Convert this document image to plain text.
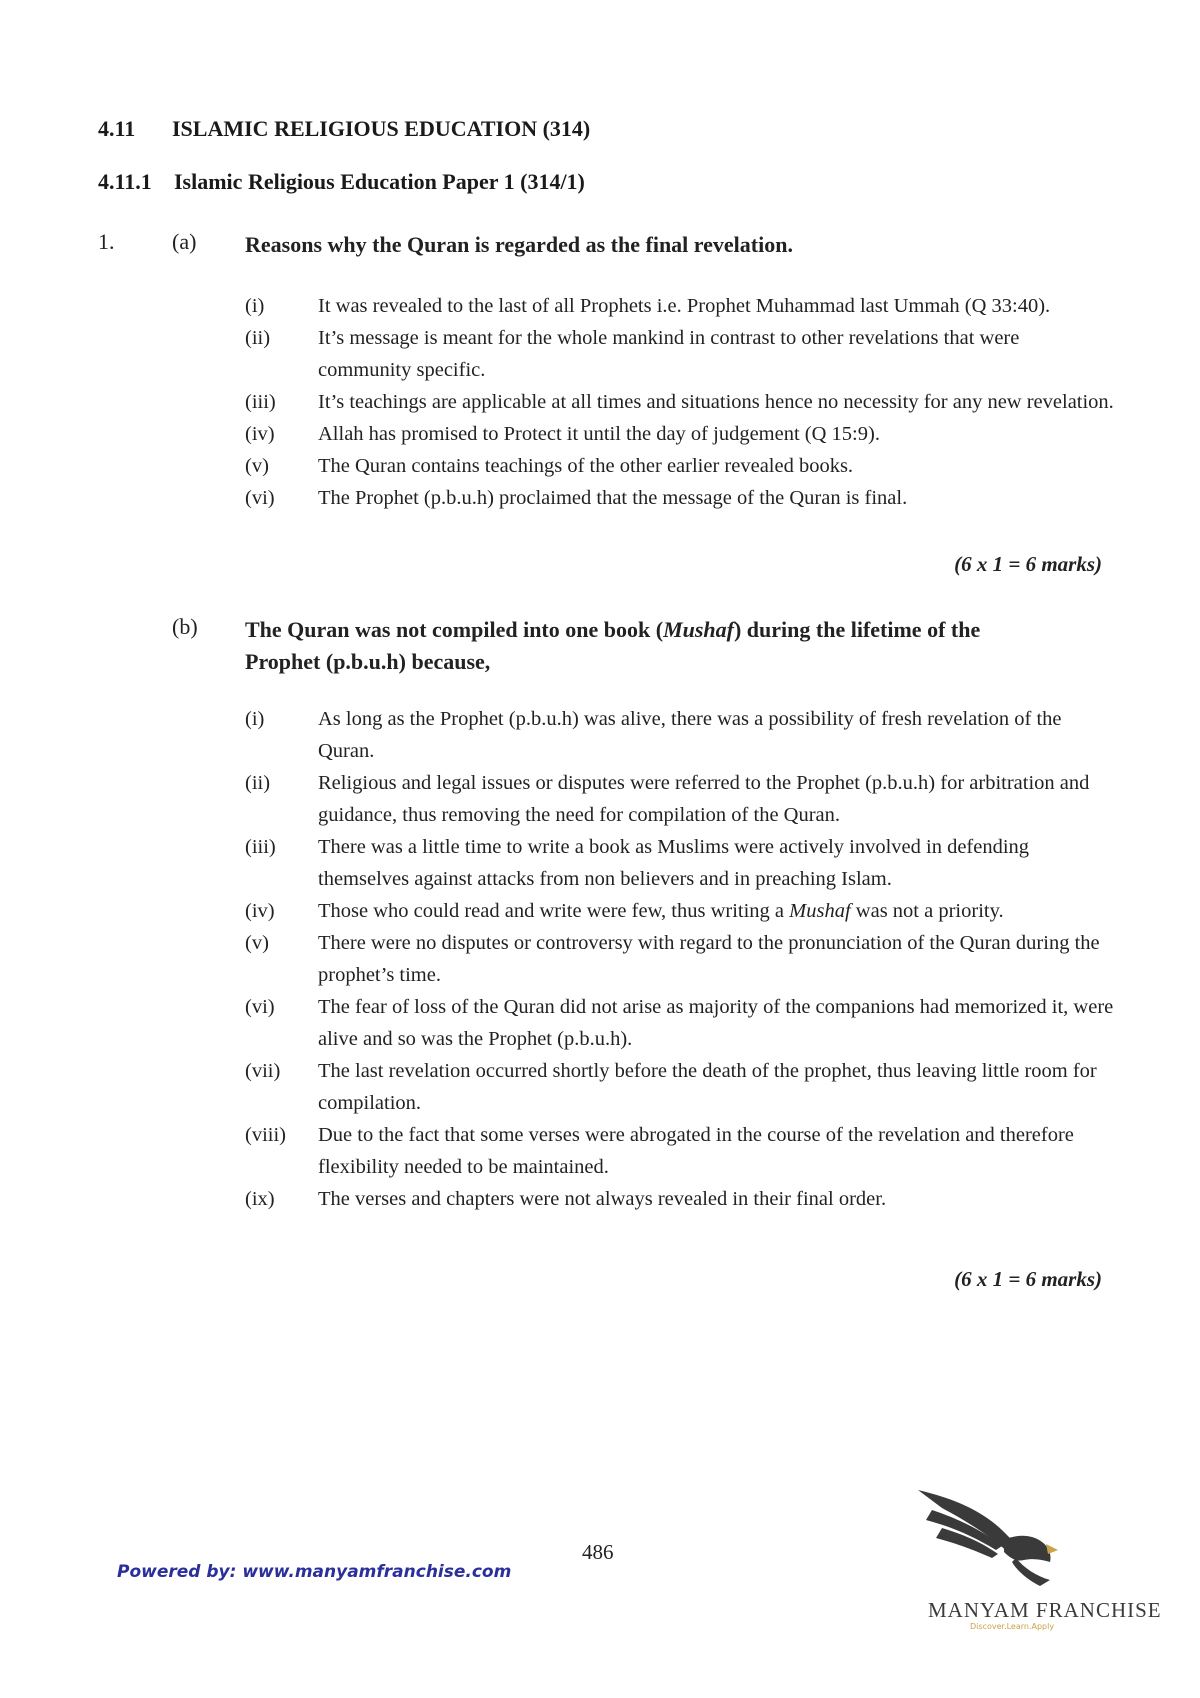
4.11 ISLAMIC RELIGIOUS EDUCATION (314)
4.11.1 Islamic Religious Education Paper 1 (314/1)
1.	(a) Reasons why the Quran is regarded as the final revelation.
(i)	It was revealed to the last of all Prophets i.e. Prophet Muhammad last Ummah (Q 33:40).
(ii) It’s message is meant for the whole mankind in contrast to other revelations that were community specific.
(iii) It’s teachings are applicable at all times and situations hence no necessity for any new revelation.
(iv) Allah has promised to Protect it until the day of judgement (Q 15:9).
(v) The Quran contains teachings of the other earlier revealed books.
(vi) The Prophet (p.b.u.h) proclaimed that the message of the Quran is final.
(6 x 1 = 6 marks)
(b) The Quran was not compiled into one book (Mushaf) during the lifetime of the Prophet (p.b.u.h) because,
(i)	As long as the Prophet (p.b.u.h) was alive, there was a possibility of fresh revelation of the Quran.
(ii) Religious and legal issues or disputes were referred to the Prophet (p.b.u.h) for arbitration and guidance, thus removing the need for compilation of the Quran.
(iii) There was a little time to write a book as Muslims were actively involved in defending themselves against attacks from non believers and in preaching Islam.
(iv) Those who could read and write were few, thus writing a Mushaf was not a priority.
(v) There were no disputes or controversy with regard to the pronunciation of the Quran during the prophet’s time.
(vi) The fear of loss of the Quran did not arise as majority of the companions had memorized it, were alive and so was the Prophet (p.b.u.h).
(vii) The last revelation occurred shortly before the death of the prophet, thus leaving little room for compilation.
(viii) Due to the fact that some verses were abrogated in the course of the revelation and therefore flexibility needed to be maintained.
(ix) The verses and chapters were not always revealed in their final order.
(6 x 1 = 6 marks)
Powered by: www.manyamfranchise.com
486
MANYAM FRANCHISE
Discover.Learn.Apply
